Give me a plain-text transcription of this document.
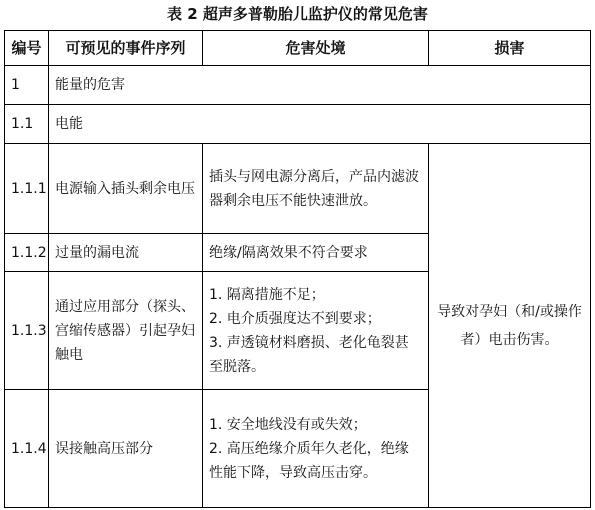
表 2 超声多普勒胎儿监护仪的常见危害
编号	可预见的事件序列	危害处境	损害
1	能量的危害		
1.1	电能		
1.1.1	电源输入插头剩余电压	插头与网电源分离后，产品内滤波器剩余电压不能快速泄放。	导致对孕妇（和/或操作者）电击伤害。
1.1.2	过量的漏电流	绝缘/隔离效果不符合要求	
1.1.3	通过应用部分（探头、宫缩传感器）引起孕妇触电	1. 隔离措施不足；
2. 电介质强度达不到要求；
3. 声透镜材料磨损、老化龟裂甚至脱落。	

1.1.4	误接触高压部分	1. 安全地线没有或失效；
2. 高压绝缘介质年久老化，绝缘性能下降，导致高压击穿。	
